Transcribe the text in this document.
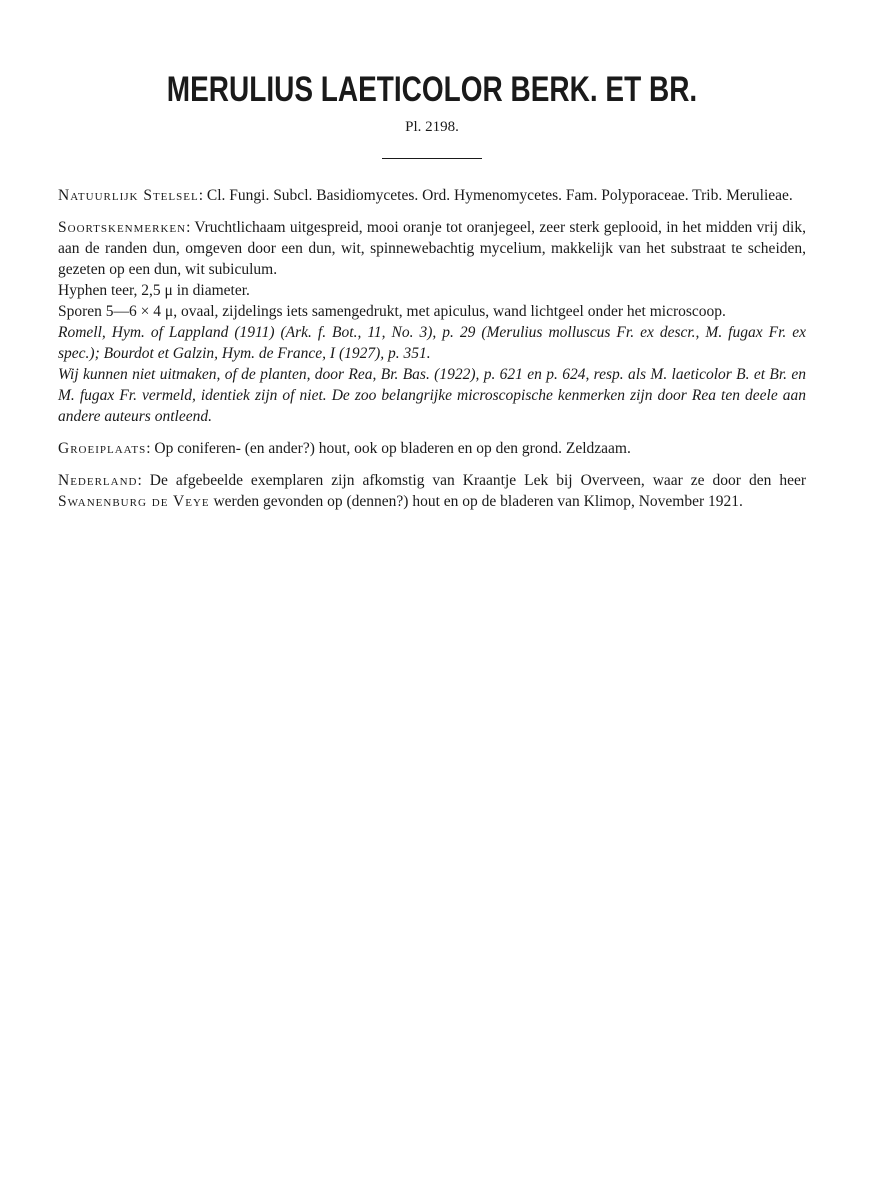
MERULIUS LAETICOLOR BERK. ET BR.
Pl. 2198.

Natuurlijk Stelsel: Cl. Fungi. Subcl. Basidiomycetes. Ord. Hymenomycetes. Fam. Polyporaceae. Trib. Merulieae.

Soortskenmerken: Vruchtlichaam uitgespreid, mooi oranje tot oranjegeel, zeer sterk geplooid, in het midden vrij dik, aan de randen dun, omgeven door een dun, wit, spinnewebachtig mycelium, makkelijk van het substraat te scheiden, gezeten op een dun, wit subiculum.

Hyphen teer, 2,5 μ in diameter.

Sporen 5—6 × 4 μ, ovaal, zijdelings iets samengedrukt, met apiculus, wand lichtgeel onder het microscoop.

Romell, Hym. of Lappland (1911) (Ark. f. Bot., 11, No. 3), p. 29 (Merulius molluscus Fr. ex descr., M. fugax Fr. ex spec.); Bourdot et Galzin, Hym. de France, I (1927), p. 351.

Wij kunnen niet uitmaken, of de planten, door Rea, Br. Bas. (1922), p. 621 en p. 624, resp. als M. laeticolor B. et Br. en M. fugax Fr. vermeld, identiek zijn of niet. De zoo belangrijke microscopische kenmerken zijn door Rea ten deele aan andere auteurs ontleend.

Groeiplaats: Op coniferen- (en ander?) hout, ook op bladeren en op den grond. Zeldzaam.

Nederland: De afgebeelde exemplaren zijn afkomstig van Kraantje Lek bij Overveen, waar ze door den heer Swanenburg de Veye werden gevonden op (dennen?) hout en op de bladeren van Klimop, November 1921.
